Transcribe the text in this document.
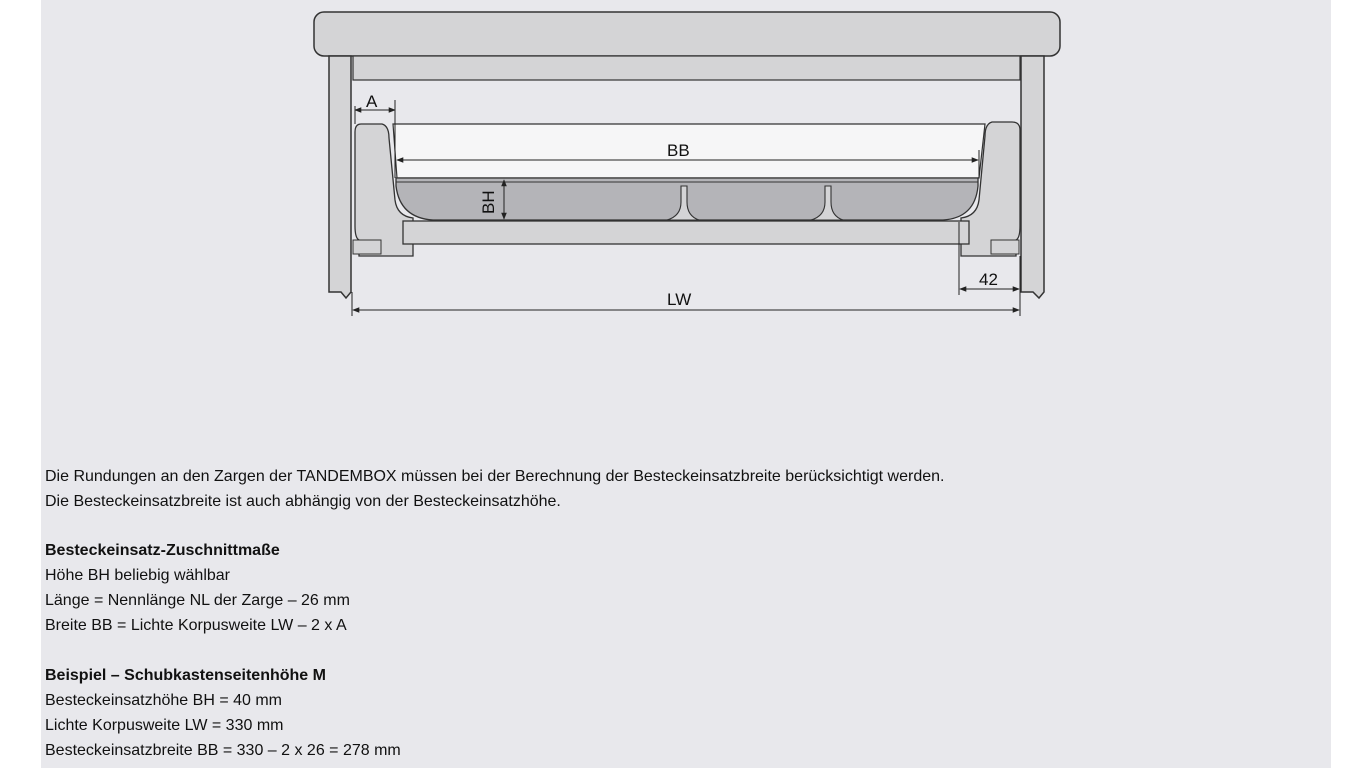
A
BB
BH
42
LW

Die Rundungen an den Zargen der TANDEMBOX müssen bei der Berechnung der Besteckeinsatzbreite berücksichtigt werden.

Die Besteckeinsatzbreite ist auch abhängig von der Besteckeinsatzhöhe.

Besteckeinsatz-Zuschnittmaße

Höhe BH beliebig wählbar

Länge = Nennlänge NL der Zarge – 26 mm

Breite BB = Lichte Korpusweite LW – 2 x A

Beispiel – Schubkastenseitenhöhe M

Besteckeinsatzhöhe BH = 40 mm

Lichte Korpusweite LW = 330 mm

Besteckeinsatzbreite BB = 330 – 2 x 26 = 278 mm
